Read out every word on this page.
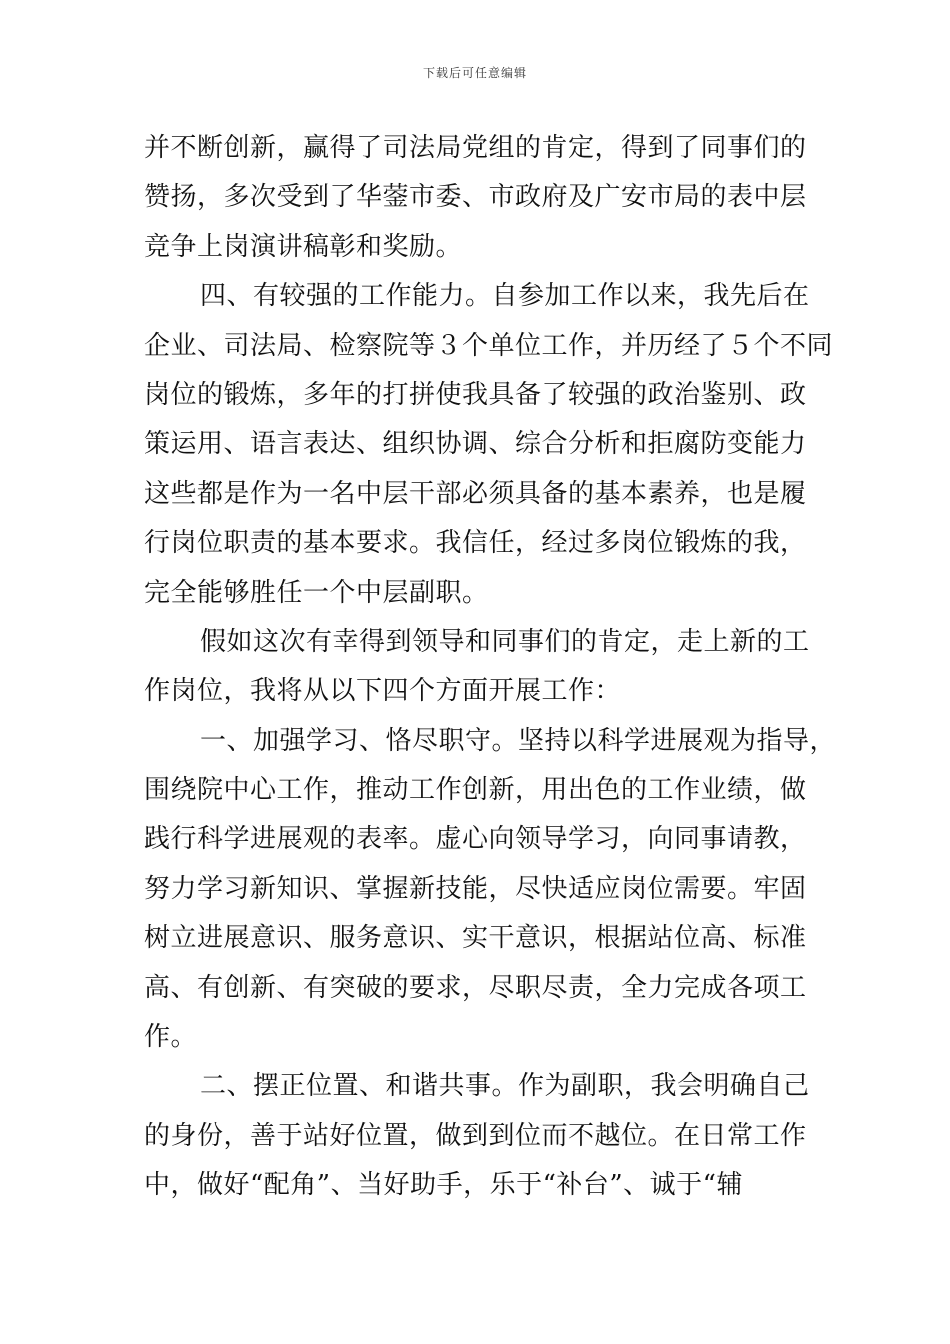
下载后可任意编辑
并不断创新，赢得了司法局党组的肯定，得到了同事们的
赞扬，多次受到了华蓥市委、市政府及广安市局的表中层
竞争上岗演讲稿彰和奖励。
四、有较强的工作能力。自参加工作以来，我先后在
企业、司法局、检察院等３个单位工作，并历经了５个不同
岗位的锻炼，多年的打拼使我具备了较强的政治鉴别、政
策运用、语言表达、组织协调、综合分析和拒腐防变能力
这些都是作为一名中层干部必须具备的基本素养，也是履
行岗位职责的基本要求。我信任，经过多岗位锻炼的我，
完全能够胜任一个中层副职。
假如这次有幸得到领导和同事们的肯定，走上新的工
作岗位，我将从以下四个方面开展工作：
一、加强学习、恪尽职守。坚持以科学进展观为指导，
围绕院中心工作，推动工作创新，用出色的工作业绩，做
践行科学进展观的表率。虚心向领导学习，向同事请教，
努力学习新知识、掌握新技能，尽快适应岗位需要。牢固
树立进展意识、服务意识、实干意识，根据站位高、标准
高、有创新、有突破的要求，尽职尽责，全力完成各项工
作。
二、摆正位置、和谐共事。作为副职，我会明确自己
的身份，善于站好位置，做到到位而不越位。在日常工作
中，做好“配角”、当好助手，乐于“补台”、诚于“辅
